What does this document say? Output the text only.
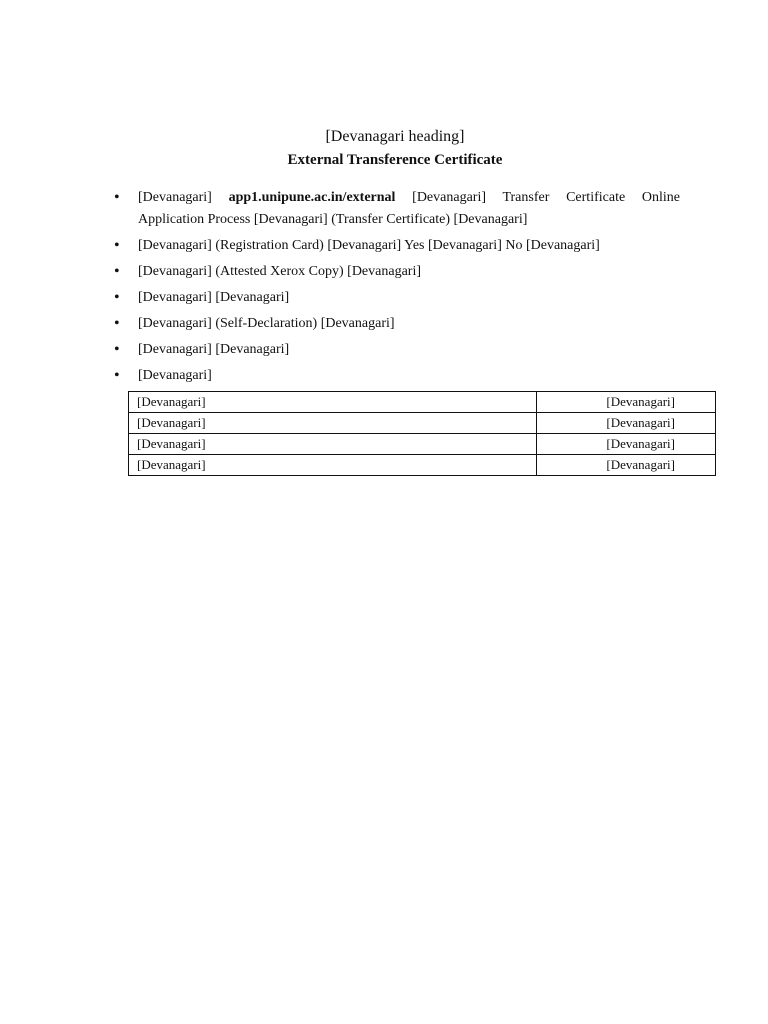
[Devanagari heading]
External Transference Certificate
• [Devanagari] app1.unipune.ac.in/external [Devanagari] Transfer Certificate Online Application Process [Devanagari] (Transfer Certificate) [Devanagari]
• [Devanagari] (Registration Card) [Devanagari] Yes [Devanagari] No [Devanagari]
• [Devanagari] (Attested Xerox Copy) [Devanagari]
• [Devanagari] [Devanagari]
• [Devanagari] (Self-Declaration) [Devanagari]
• [Devanagari] [Devanagari]
• [Devanagari]
[Devanagari]	[Devanagari]
[Devanagari]	[Devanagari]
[Devanagari]	[Devanagari]
[Devanagari]	[Devanagari]
